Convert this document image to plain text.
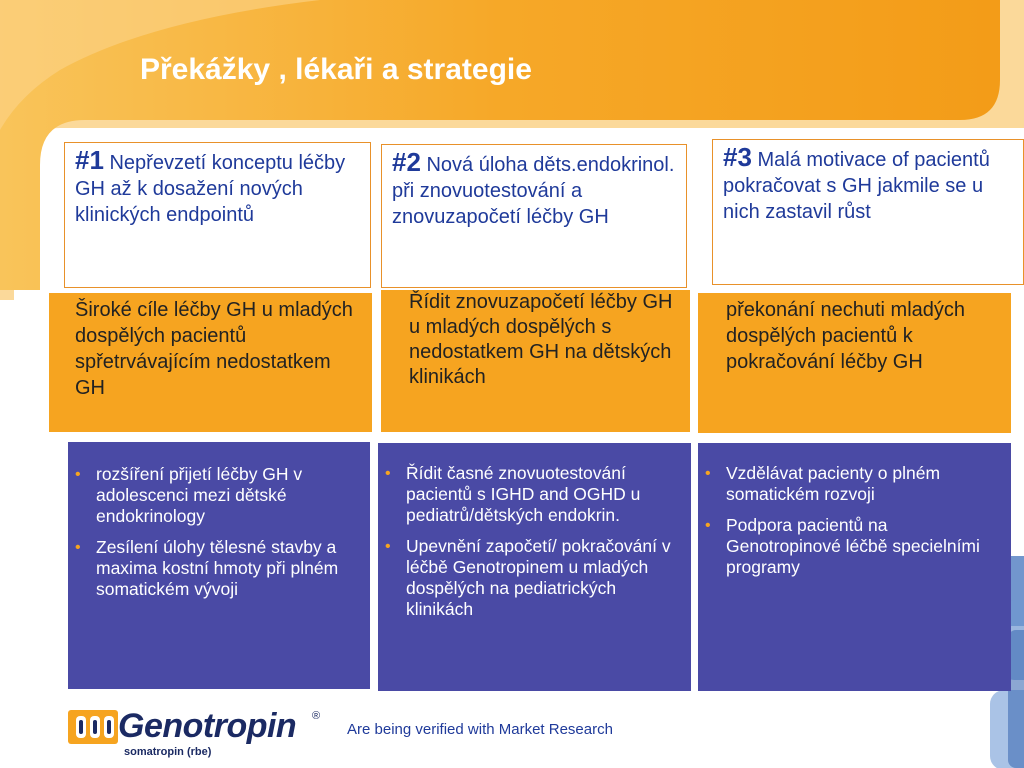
Překážky , lékaři a strategie
#1 Nepřevzetí konceptu léčby GH až k dosažení nových klinických endpointů
Široké cíle léčby GH u mladých dospělých pacientů spřetrvávajícím nedostatkem GH
• rozšíření přijetí léčby GH v adolescenci mezi dětské endokrinology
• Zesílení úlohy tělesné stavby a maxima kostní hmoty při plném somatickém vývoji
#2 Nová úloha děts.endokrinol. při znovuotestování a znovuzapočetí léčby GH
Řídit znovuzapočetí léčby GH u mladých dospělých s nedostatkem GH na dětských klinikách
• Řídit časné znovuotestování pacientů s IGHD and OGHD u pediatrů/dětských endokrin.
• Upevnění započetí/ pokračování v léčbě Genotropinem u mladých dospělých na pediatrických klinikách
#3 Malá motivace of pacientů pokračovat s GH jakmile se u nich zastavil růst
překonání nechuti mladých dospělých pacientů k pokračování léčby GH
• Vzdělávat pacienty o plném somatickém rozvoji
• Podpora pacientů na Genotropinové léčbě specielními programy
Genotropin ®
somatropin (rbe)
Are being verified with Market Research
